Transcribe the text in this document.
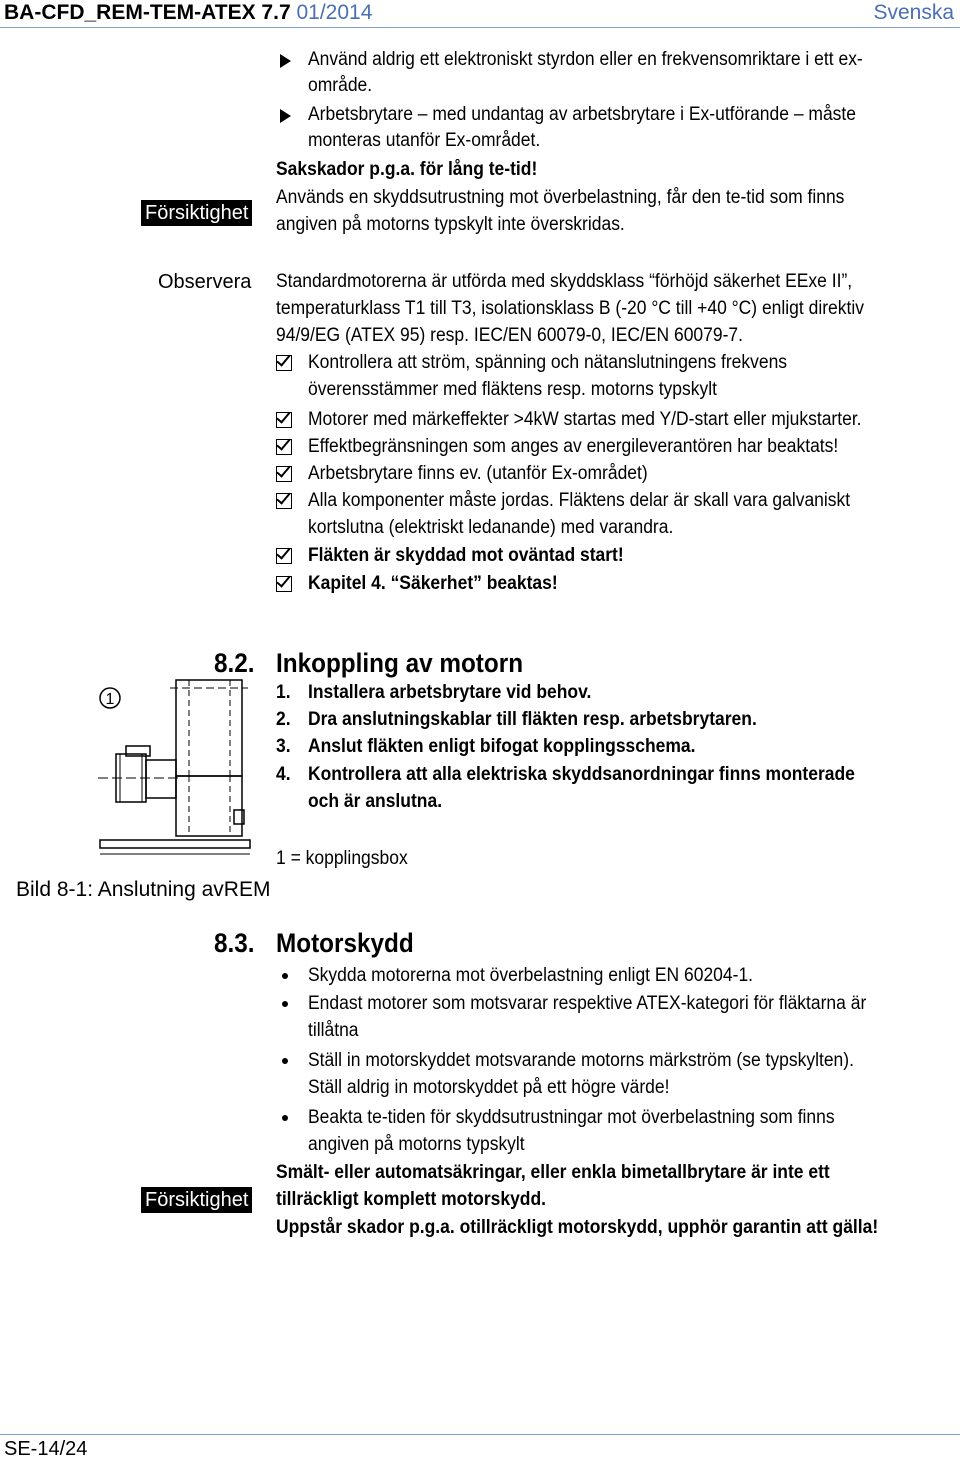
BA-CFD_REM-TEM-ATEX 7.7 01/2014	Svenska
Använd aldrig ett elektroniskt styrdon eller en frekvensomriktare i ett ex-
område.
Arbetsbrytare – med undantag av arbetsbrytare i Ex-utförande – måste
monteras utanför Ex-området.
Försiktighet
Sakskador p.g.a. för lång te-tid!
Används en skyddsutrustning mot överbelastning, får den te-tid som finns
angiven på motorns typskylt inte överskridas.
Observera Standardmotorerna är utförda med skyddsklass “förhöjd säkerhet EExe II”,
temperaturklass T1 till T3, isolationsklass B (-20 °C till +40 °C) enligt direktiv
94/9/EG (ATEX 95) resp. IEC/EN 60079-0, IEC/EN 60079-7.
Kontrollera att ström, spänning och nätanslutningens frekvens
överensstämmer med fläktens resp. motorns typskylt
Motorer med märkeffekter >4kW startas med Y/D-start eller mjukstarter.
Effektbegränsningen som anges av energileverantören har beaktats!
Arbetsbrytare finns ev. (utanför Ex-området)
Alla komponenter måste jordas. Fläktens delar är skall vara galvaniskt
kortslutna (elektriskt ledanande) med varandra.
Fläkten är skyddad mot oväntad start!
Kapitel 4. “Säkerhet” beaktas!
8.2. Inkoppling av motorn
1. Installera arbetsbrytare vid behov.
2. Dra anslutningskablar till fläkten resp. arbetsbrytaren.
3. Anslut fläkten enligt bifogat kopplingsschema.
4. Kontrollera att alla elektriska skyddsanordningar finns monterade
och är anslutna.
1 = kopplingsbox
1
Bild 8-1: Anslutning avREM
8.3. Motorskydd
Skydda motorerna mot överbelastning enligt EN 60204-1.
Endast motorer som motsvarar respektive ATEX-kategori för fläktarna är
tillåtna
Ställ in motorskyddet motsvarande motorns märkström (se typskylten).
Ställ aldrig in motorskyddet på ett högre värde!
Beakta te-tiden för skyddsutrustningar mot överbelastning som finns
angiven på motorns typskylt
Försiktighet
Smält- eller automatsäkringar, eller enkla bimetallbrytare är inte ett
tillräckligt komplett motorskydd.
Uppstår skador p.g.a. otillräckligt motorskydd, upphör garantin att gälla!
SE-14/24
